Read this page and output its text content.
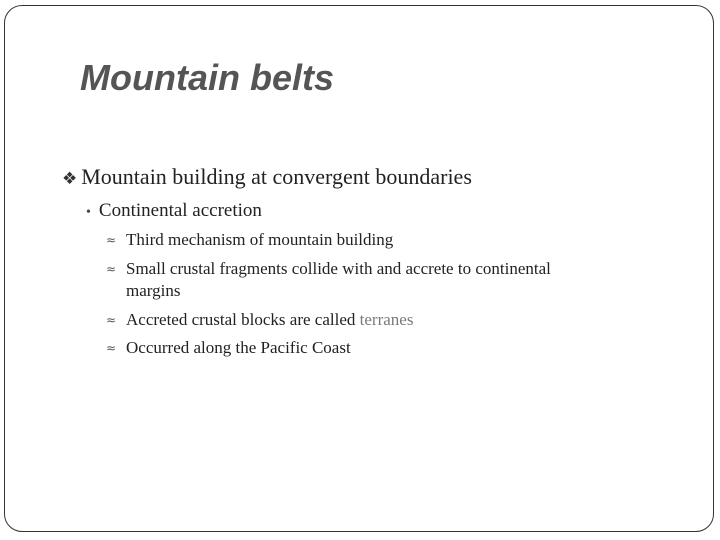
Mountain belts
❖ Mountain building at convergent boundaries
• Continental accretion
≈ Third mechanism of mountain building
≈ Small crustal fragments collide with and accrete to continental
margins
≈ Accreted crustal blocks are called terranes
≈ Occurred along the Pacific Coast
